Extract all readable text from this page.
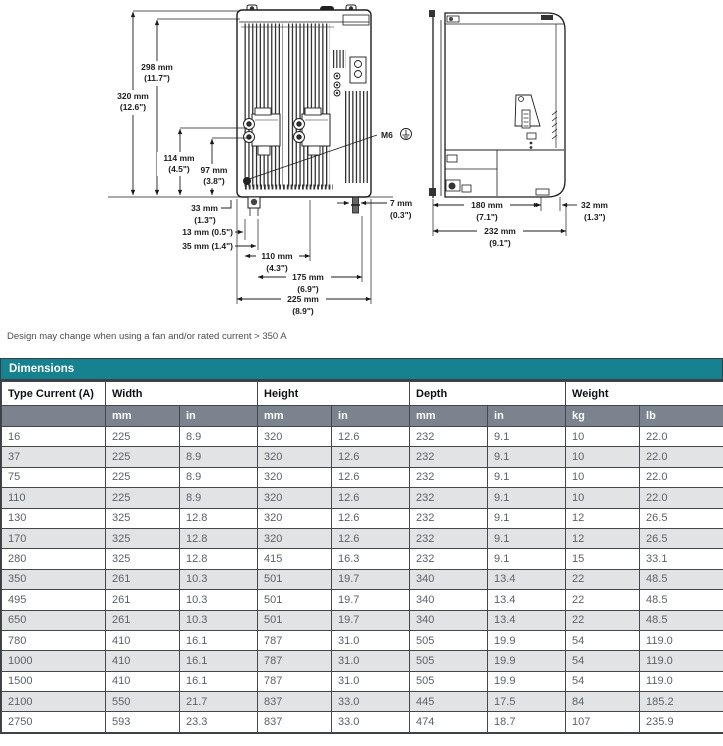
298 mm
(11.7")
320 mm
(12.6")
114 mm
(4.5") 97 mm
(3.8")
33 mm
(1.3")
13 mm (0.5")
35 mm (1.4")
110 mm
(4.3")
175 mm
(6.9")
225 mm
(8.9")
7 mm
(0.3")
M6
180 mm
(7.1")
32 mm
(1.3")
232 mm
(9.1")
Design may change when using a fan and/or rated current > 350 A
Dimensions
Type Current (A)	Width		Height		Depth		Weight	
	mm	in	mm	in	mm	in	kg	lb
16	225	8.9	320	12.6	232	9.1	10	22.0
37	225	8.9	320	12.6	232	9.1	10	22.0
75	225	8.9	320	12.6	232	9.1	10	22.0
110	225	8.9	320	12.6	232	9.1	10	22.0
130	325	12.8	320	12.6	232	9.1	12	26.5
170	325	12.8	320	12.6	232	9.1	12	26.5
280	325	12.8	415	16.3	232	9.1	15	33.1
350	261	10.3	501	19.7	340	13.4	22	48.5
495	261	10.3	501	19.7	340	13.4	22	48.5
650	261	10.3	501	19.7	340	13.4	22	48.5
780	410	16.1	787	31.0	505	19.9	54	119.0
1000	410	16.1	787	31.0	505	19.9	54	119.0
1500	410	16.1	787	31.0	505	19.9	54	119.0
2100	550	21.7	837	33.0	445	17.5	84	185.2
2750	593	23.3	837	33.0	474	18.7	107	235.9
